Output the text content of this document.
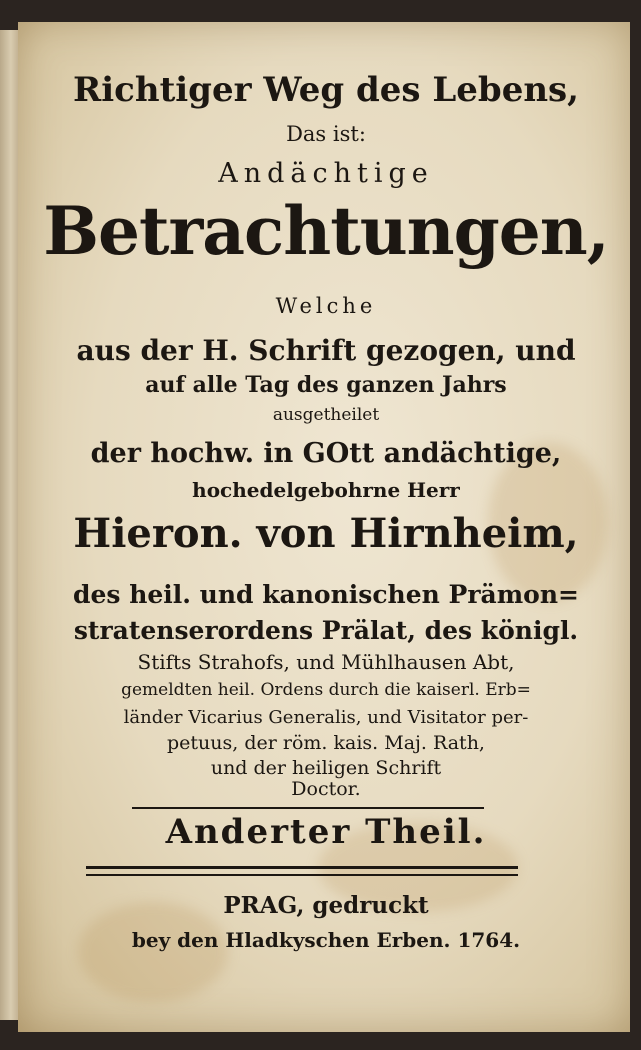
Richtiger Weg des Lebens,
Das ist:
Andächtige
Betrachtungen,
Welche
aus der H. Schrift gezogen, und
auf alle Tag des ganzen Jahrs
ausgetheilet
der hochw. in GOtt andächtige,
hochedelgebohrne Herr
Hieron. von Hirnheim,
des heil. und kanonischen Prämon=
stratenserordens Prälat, des königl.
Stifts Strahofs, und Mühlhausen Abt,
gemeldten heil. Ordens durch die kaiserl. Erb=
länder Vicarius Generalis, und Visitator per-
petuus, der röm. kais. Maj. Rath,
und der heiligen Schrift
Doctor.
Anderter Theil.
PRAG, gedruckt
bey den Hladkyschen Erben. 1764.
